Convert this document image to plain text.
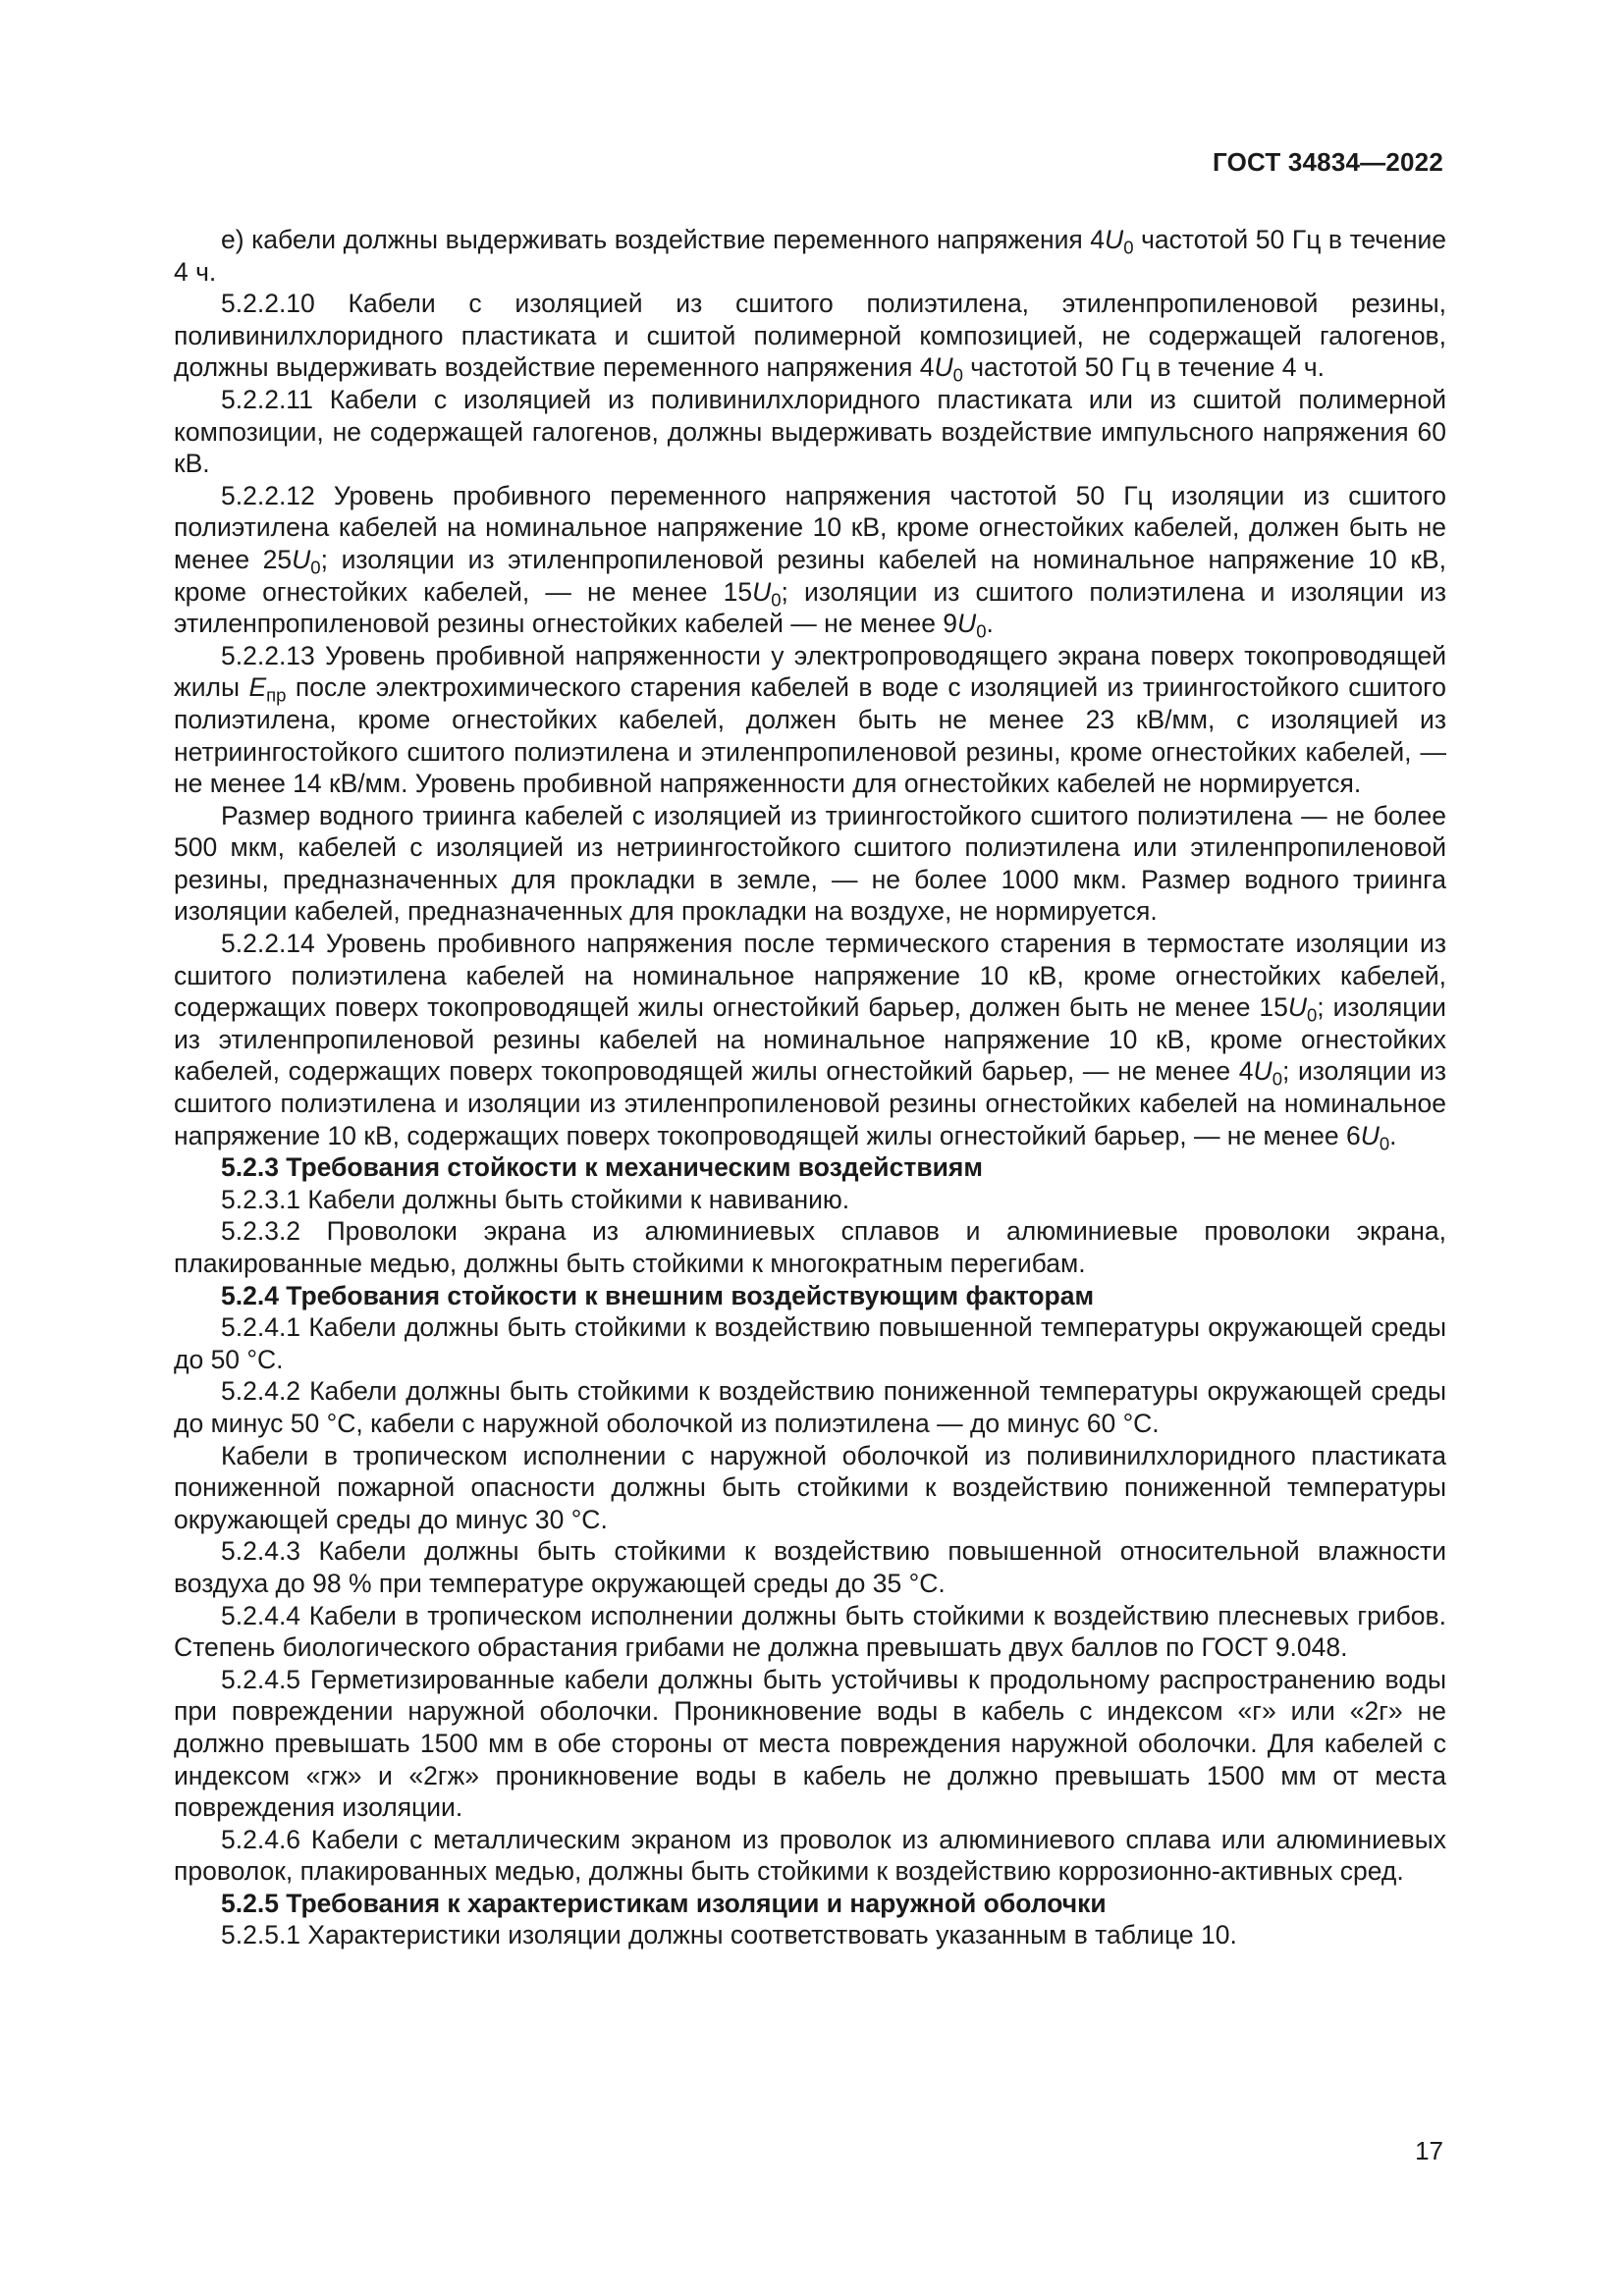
ГОСТ 34834—2022

е) кабели должны выдерживать воздействие переменного напряжения $4U_0$ частотой 50 Гц в течение 4 ч.

5.2.2.10 Кабели с изоляцией из сшитого полиэтилена, этиленпропиленовой резины, поливинилхлоридного пластиката и сшитой полимерной композицией, не содержащей галогенов, должны выдерживать воздействие переменного напряжения $4U_0$ частотой 50 Гц в течение 4 ч.

5.2.2.11 Кабели с изоляцией из поливинилхлоридного пластиката или из сшитой полимерной композиции, не содержащей галогенов, должны выдерживать воздействие импульсного напряжения 60 кВ.

5.2.2.12 Уровень пробивного переменного напряжения частотой 50 Гц изоляции из сшитого полиэтилена кабелей на номинальное напряжение 10 кВ, кроме огнестойких кабелей, должен быть не менее $25U_0$; изоляции из этиленпропиленовой резины кабелей на номинальное напряжение 10 кВ, кроме огнестойких кабелей, — не менее $15U_0$; изоляции из сшитого полиэтилена и изоляции из этиленпропиленовой резины огнестойких кабелей — не менее $9U_0$.

5.2.2.13 Уровень пробивной напряженности у электропроводящего экрана поверх токопроводящей жилы $E_{пр}$ после электрохимического старения кабелей в воде с изоляцией из триингостойкого сшитого полиэтилена, кроме огнестойких кабелей, должен быть не менее 23 кВ/мм, с изоляцией из нетриингостойкого сшитого полиэтилена и этиленпропиленовой резины, кроме огнестойких кабелей, — не менее 14 кВ/мм. Уровень пробивной напряженности для огнестойких кабелей не нормируется.

Размер водного триинга кабелей с изоляцией из триингостойкого сшитого полиэтилена — не более 500 мкм, кабелей с изоляцией из нетриингостойкого сшитого полиэтилена или этиленпропиленовой резины, предназначенных для прокладки в земле, — не более 1000 мкм. Размер водного триинга изоляции кабелей, предназначенных для прокладки на воздухе, не нормируется.

5.2.2.14 Уровень пробивного напряжения после термического старения в термостате изоляции из сшитого полиэтилена кабелей на номинальное напряжение 10 кВ, кроме огнестойких кабелей, содержащих поверх токопроводящей жилы огнестойкий барьер, должен быть не менее $15U_0$; изоляции из этиленпропиленовой резины кабелей на номинальное напряжение 10 кВ, кроме огнестойких кабелей, содержащих поверх токопроводящей жилы огнестойкий барьер, — не менее $4U_0$; изоляции из сшитого полиэтилена и изоляции из этиленпропиленовой резины огнестойких кабелей на номинальное напряжение 10 кВ, содержащих поверх токопроводящей жилы огнестойкий барьер, — не менее $6U_0$.

5.2.3 Требования стойкости к механическим воздействиям

5.2.3.1 Кабели должны быть стойкими к навиванию.

5.2.3.2 Проволоки экрана из алюминиевых сплавов и алюминиевые проволоки экрана, плакированные медью, должны быть стойкими к многократным перегибам.

5.2.4 Требования стойкости к внешним воздействующим факторам

5.2.4.1 Кабели должны быть стойкими к воздействию повышенной температуры окружающей среды до 50 °С.

5.2.4.2 Кабели должны быть стойкими к воздействию пониженной температуры окружающей среды до минус 50 °С, кабели с наружной оболочкой из полиэтилена — до минус 60 °С.

Кабели в тропическом исполнении с наружной оболочкой из поливинилхлоридного пластиката пониженной пожарной опасности должны быть стойкими к воздействию пониженной температуры окружающей среды до минус 30 °С.

5.2.4.3 Кабели должны быть стойкими к воздействию повышенной относительной влажности воздуха до 98 % при температуре окружающей среды до 35 °С.

5.2.4.4 Кабели в тропическом исполнении должны быть стойкими к воздействию плесневых грибов. Степень биологического обрастания грибами не должна превышать двух баллов по ГОСТ 9.048.

5.2.4.5 Герметизированные кабели должны быть устойчивы к продольному распространению воды при повреждении наружной оболочки. Проникновение воды в кабель с индексом «г» или «2г» не должно превышать 1500 мм в обе стороны от места повреждения наружной оболочки. Для кабелей с индексом «гж» и «2гж» проникновение воды в кабель не должно превышать 1500 мм от места повреждения изоляции.

5.2.4.6 Кабели с металлическим экраном из проволок из алюминиевого сплава или алюминиевых проволок, плакированных медью, должны быть стойкими к воздействию коррозионно-активных сред.

5.2.5 Требования к характеристикам изоляции и наружной оболочки

5.2.5.1 Характеристики изоляции должны соответствовать указанным в таблице 10.

17
